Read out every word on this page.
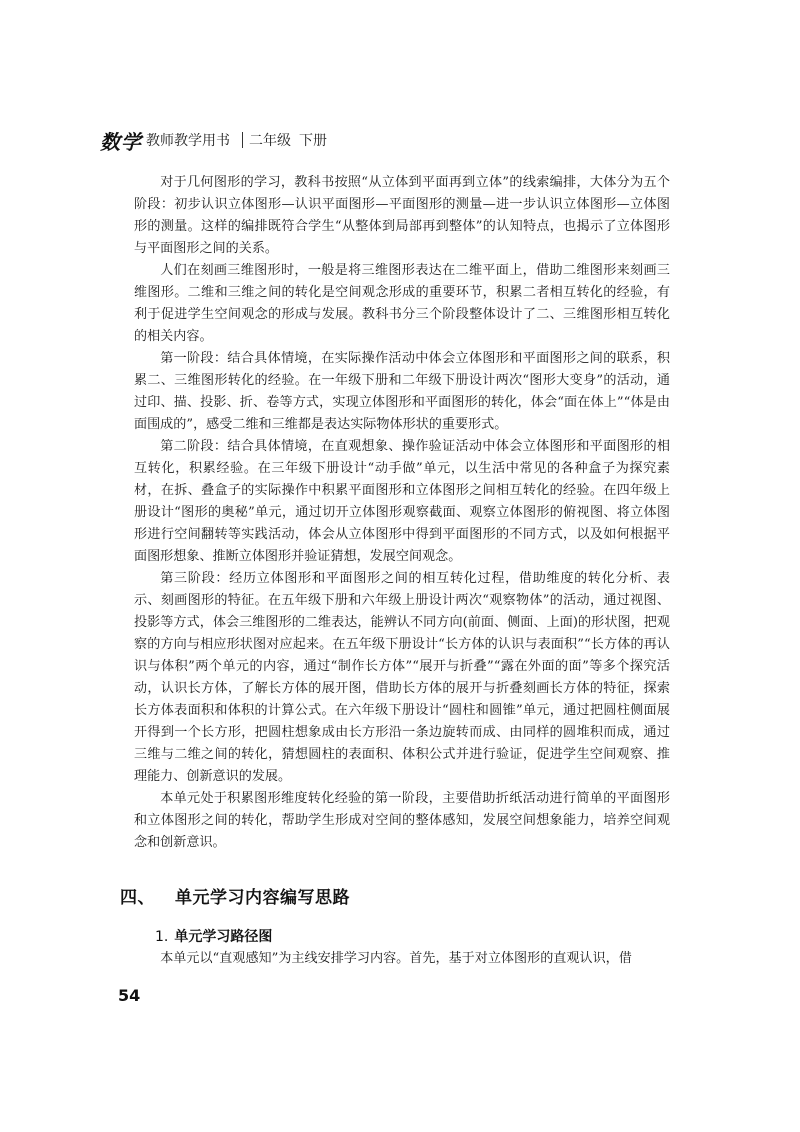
数学 教师教学用书 二年级 下册

对于几何图形的学习，教科书按照“从立体到平面再到立体”的线索编排，大体分为五个阶段：初步认识立体图形—认识平面图形—平面图形的测量—进一步认识立体图形—立体图形的测量。这样的编排既符合学生“从整体到局部再到整体”的认知特点，也揭示了立体图形与平面图形之间的关系。

人们在刻画三维图形时，一般是将三维图形表达在二维平面上，借助二维图形来刻画三维图形。二维和三维之间的转化是空间观念形成的重要环节，积累二者相互转化的经验，有利于促进学生空间观念的形成与发展。教科书分三个阶段整体设计了二、三维图形相互转化的相关内容。

第一阶段：结合具体情境，在实际操作活动中体会立体图形和平面图形之间的联系，积累二、三维图形转化的经验。在一年级下册和二年级下册设计两次“图形大变身”的活动，通过印、描、投影、折、卷等方式，实现立体图形和平面图形的转化，体会“面在体上”“体是由面围成的”，感受二维和三维都是表达实际物体形状的重要形式。

第二阶段：结合具体情境，在直观想象、操作验证活动中体会立体图形和平面图形的相互转化，积累经验。在三年级下册设计“动手做”单元，以生活中常见的各种盒子为探究素材，在拆、叠盒子的实际操作中积累平面图形和立体图形之间相互转化的经验。在四年级上册设计“图形的奥秘”单元，通过切开立体图形观察截面、观察立体图形的俯视图、将立体图形进行空间翻转等实践活动，体会从立体图形中得到平面图形的不同方式，以及如何根据平面图形想象、推断立体图形并验证猜想，发展空间观念。

第三阶段：经历立体图形和平面图形之间的相互转化过程，借助维度的转化分析、表示、刻画图形的特征。在五年级下册和六年级上册设计两次“观察物体”的活动，通过视图、投影等方式，体会三维图形的二维表达，能辨认不同方向(前面、侧面、上面)的形状图，把观察的方向与相应形状图对应起来。在五年级下册设计“长方体的认识与表面积”“长方体的再认识与体积”两个单元的内容，通过“制作长方体”“展开与折叠”“露在外面的面”等多个探究活动，认识长方体，了解长方体的展开图，借助长方体的展开与折叠刻画长方体的特征，探索长方体表面积和体积的计算公式。在六年级下册设计“圆柱和圆锥”单元，通过把圆柱侧面展开得到一个长方形，把圆柱想象成由长方形沿一条边旋转而成、由同样的圆堆积而成，通过三维与二维之间的转化，猜想圆柱的表面积、体积公式并进行验证，促进学生空间观察、推理能力、创新意识的发展。

本单元处于积累图形维度转化经验的第一阶段，主要借助折纸活动进行简单的平面图形和立体图形之间的转化，帮助学生形成对空间的整体感知，发展空间想象能力，培养空间观念和创新意识。

四、 单元学习内容编写思路
1. 单元学习路径图

本单元以“直观感知”为主线安排学习内容。首先，基于对立体图形的直观认识，借

54
